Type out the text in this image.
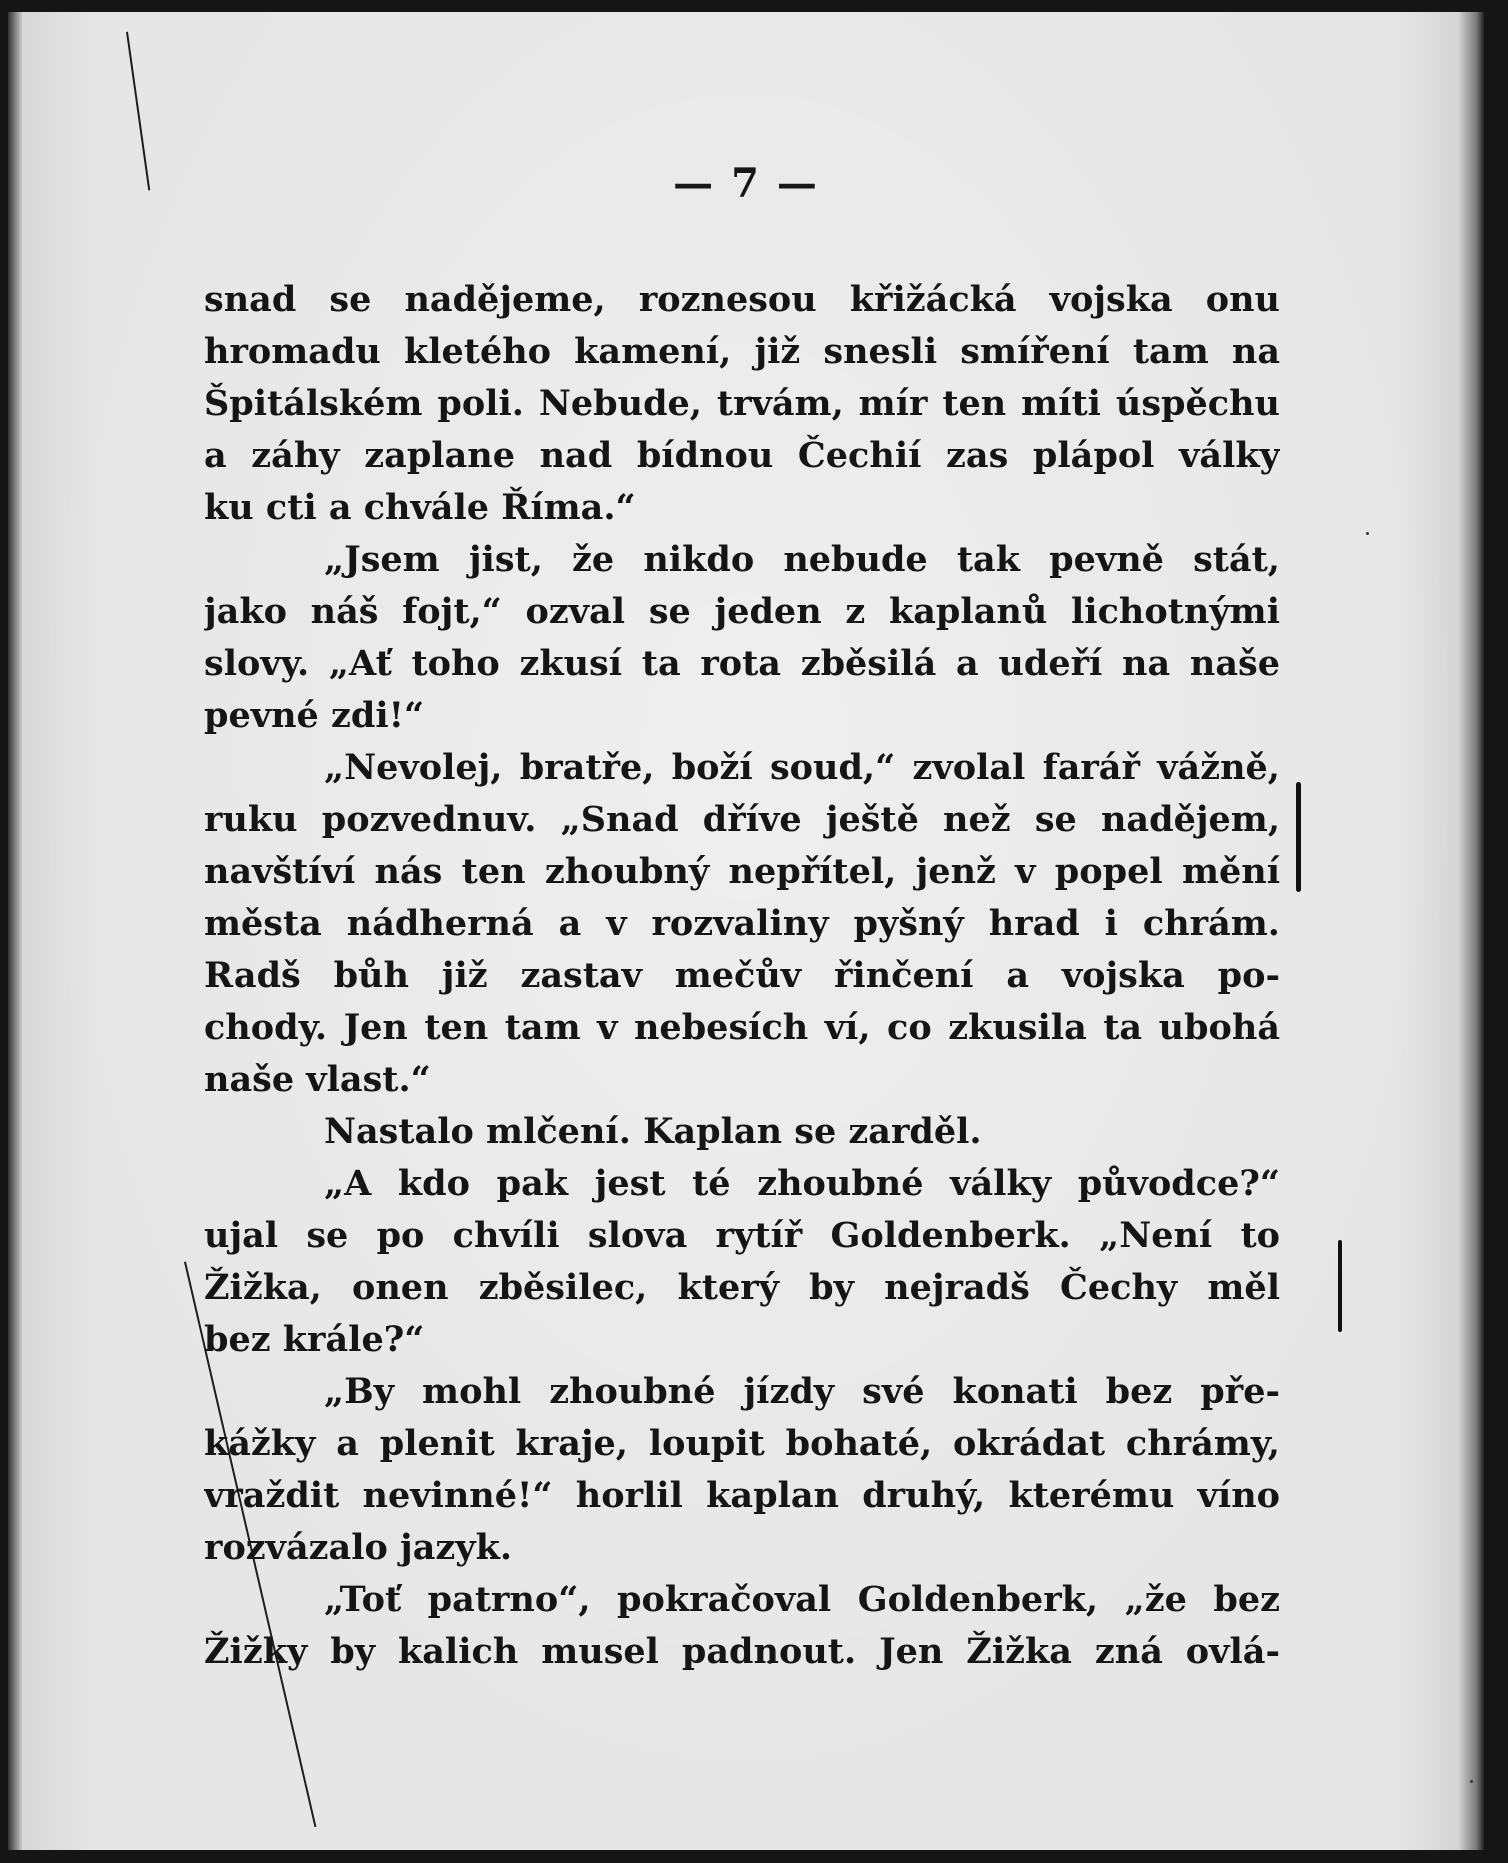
— 7 —
snad se nadějeme, roznesou křižácká vojska onu
hromadu kletého kamení, již snesli smíření tam na
Špitálském poli. Nebude, trvám, mír ten míti úspěchu
a záhy zaplane nad bídnou Čechií zas plápol války
ku cti a chvále Říma.“
„Jsem jist, že nikdo nebude tak pevně stát,
jako náš fojt,“ ozval se jeden z kaplanů lichotnými
slovy. „Ať toho zkusí ta rota zběsilá a udeří na naše
pevné zdi!“
„Nevolej, bratře, boží soud,“ zvolal farář vážně,
ruku pozvednuv. „Snad dříve ještě než se nadějem,
navštíví nás ten zhoubný nepřítel, jenž v popel mění
města nádherná a v rozvaliny pyšný hrad i chrám.
Radš bůh již zastav mečův řinčení a vojska po-
chody. Jen ten tam v nebesích ví, co zkusila ta ubohá
naše vlast.“
Nastalo mlčení. Kaplan se zarděl.
„A kdo pak jest té zhoubné války původce?“
ujal se po chvíli slova rytíř Goldenberk. „Není to
Žižka, onen zběsilec, který by nejradš Čechy měl
bez krále?“
„By mohl zhoubné jízdy své konati bez pře-
kážky a plenit kraje, loupit bohaté, okrádat chrámy,
vraždit nevinné!“ horlil kaplan druhý, kterému víno
rozvázalo jazyk.
„Toť patrno“, pokračoval Goldenberk, „že bez
Žižky by kalich musel padnout. Jen Žižka zná ovlá-
